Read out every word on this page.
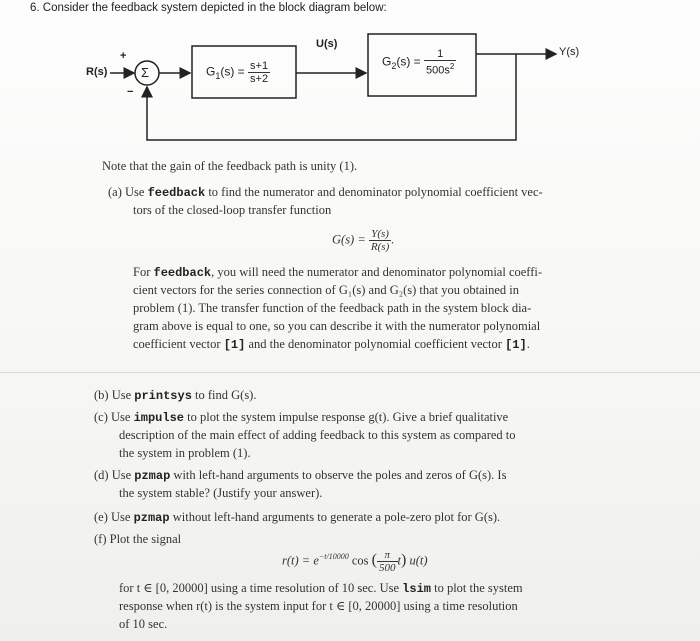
6. Consider the feedback system depicted in the block diagram below:
R(s)
+
−
Σ
U(s)
Y(s)
$G_1(s) = \frac{s+1}{s+2}$	$G_2(s) = \frac{1}{500s^2}$
Note that the gain of the feedback path is unity (1).
(a) Use feedback to find the numerator and denominator polynomial coefficient vec-
tors of the closed-loop transfer function
$G(s) = \frac{Y(s)}{R(s)}$ .
For feedback, you will need the numerator and denominator polynomial coeffi-
cient vectors for the series connection of G₁(s) and G₂(s) that you obtained in
problem (1). The transfer function of the feedback path in the system block dia-
gram above is equal to one, so you can describe it with the numerator polynomial
coefficient vector [1] and the denominator polynomial coefficient vector [1].
(b) Use printsys to find G(s).
(c) Use impulse to plot the system impulse response g(t). Give a brief qualitative
description of the main effect of adding feedback to this system as compared to
the system in problem (1).
(d) Use pzmap with left-hand arguments to observe the poles and zeros of G(s). Is
the system stable? (Justify your answer).
(e) Use pzmap without left-hand arguments to generate a pole-zero plot for G(s).
(f) Plot the signal
$r(t) = e^{-t/10000}$ cos ( $\frac{\pi}{500} t$) u(t)
for t ∈ [0, 20000] using a time resolution of 10 sec. Use lsim to plot the system
response when r(t) is the system input for t ∈ [0, 20000] using a time resolution
of 10 sec.
